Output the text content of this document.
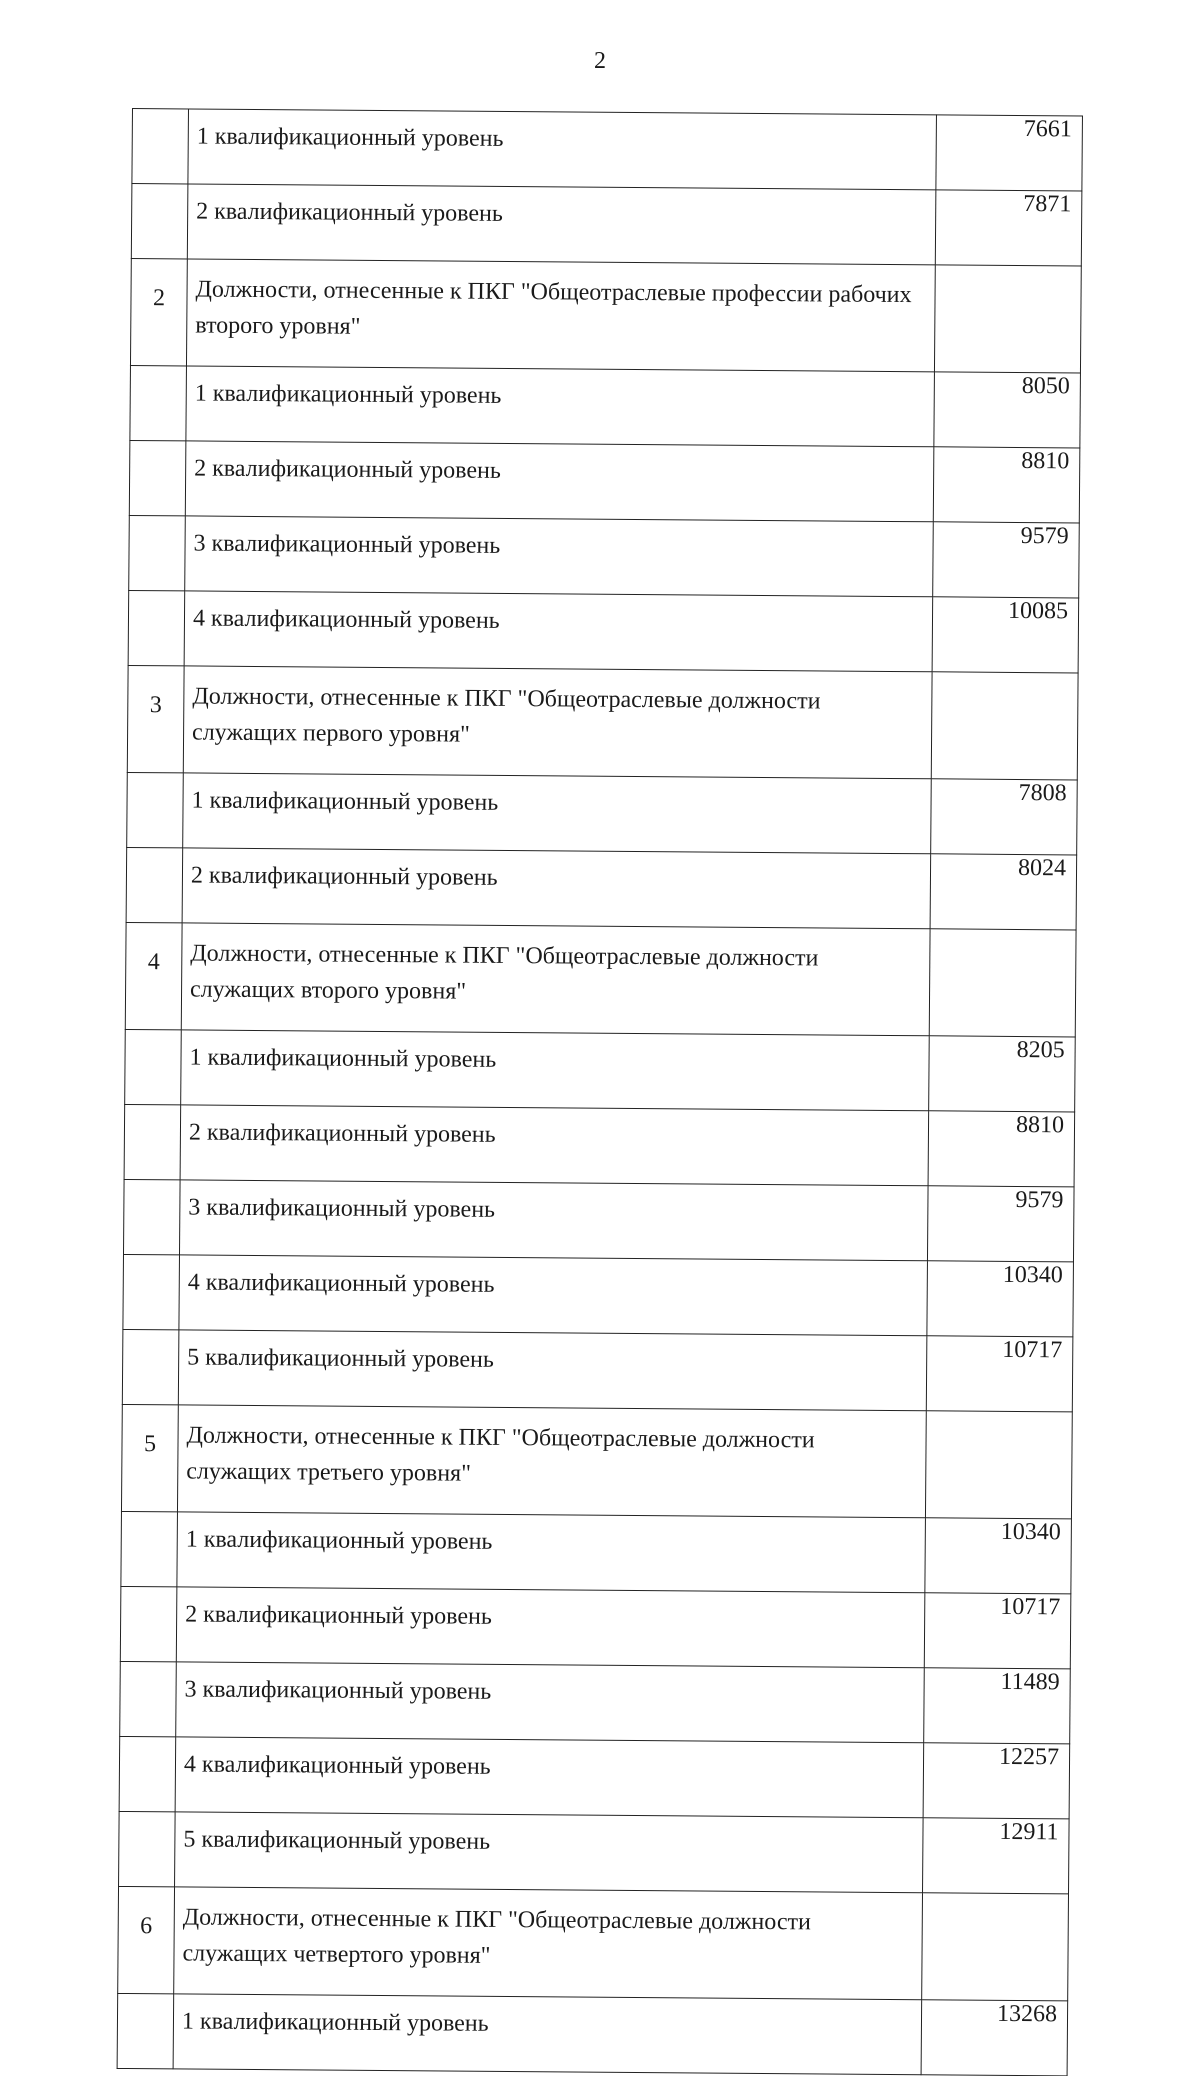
2
	1 квалификационный уровень	7661
	2 квалификационный уровень	7871
2	Должности, отнесенные к ПКГ "Общеотраслевые профессии рабочих второго уровня"	
	1 квалификационный уровень	8050
	2 квалификационный уровень	8810
	3 квалификационный уровень	9579
	4 квалификационный уровень	10085
3	Должности, отнесенные к ПКГ "Общеотраслевые должности служащих первого уровня"	
	1 квалификационный уровень	7808
	2 квалификационный уровень	8024
4	Должности, отнесенные к ПКГ "Общеотраслевые должности служащих второго уровня"	
	1 квалификационный уровень	8205
	2 квалификационный уровень	8810
	3 квалификационный уровень	9579
	4 квалификационный уровень	10340
	5 квалификационный уровень	10717
5	Должности, отнесенные к ПКГ "Общеотраслевые должности служащих третьего уровня"	
	1 квалификационный уровень	10340
	2 квалификационный уровень	10717
	3 квалификационный уровень	11489
	4 квалификационный уровень	12257
	5 квалификационный уровень	12911
6	Должности, отнесенные к ПКГ "Общеотраслевые должности служащих четвертого уровня"	
	1 квалификационный уровень	13268
